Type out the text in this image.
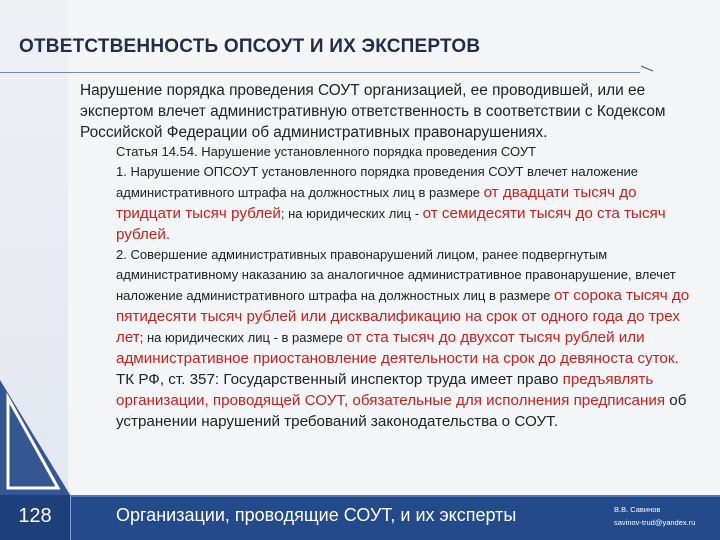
ОТВЕТСТВЕННОСТЬ ОПСОУТ И ИХ ЭКСПЕРТОВ
Нарушение порядка проведения СОУТ организацией, ее проводившей, или ее экспертом влечет административную ответственность в соответствии с Кодексом Российской Федерации об административных правонарушениях.

Статья 14.54. Нарушение установленного порядка проведения СОУТ

1. Нарушение ОПСОУТ установленного порядка проведения СОУТ влечет наложение административного штрафа на должностных лиц в размере от двадцати тысяч до тридцати тысяч рублей; на юридических лиц - от семидесяти тысяч до ста тысяч рублей.

2. Совершение административных правонарушений лицом, ранее подвергнутым административному наказанию за аналогичное административное правонарушение, влечет наложение административного штрафа на должностных лиц в размере от сорока тысяч до пятидесяти тысяч рублей или дисквалификацию на срок от одного года до трех лет; на юридических лиц - в размере от ста тысяч до двухсот тысяч рублей или административное приостановление деятельности на срок до девяноста суток.

ТК РФ, ст. 357: Государственный инспектор труда имеет право предъявлять организации, проводящей СОУТ, обязательные для исполнения предписания об устранении нарушений требований законодательства о СОУТ.

128	Организации, проводящие СОУТ, и их эксперты	В.В. Савинов
savinov-trud@yandex.ru
